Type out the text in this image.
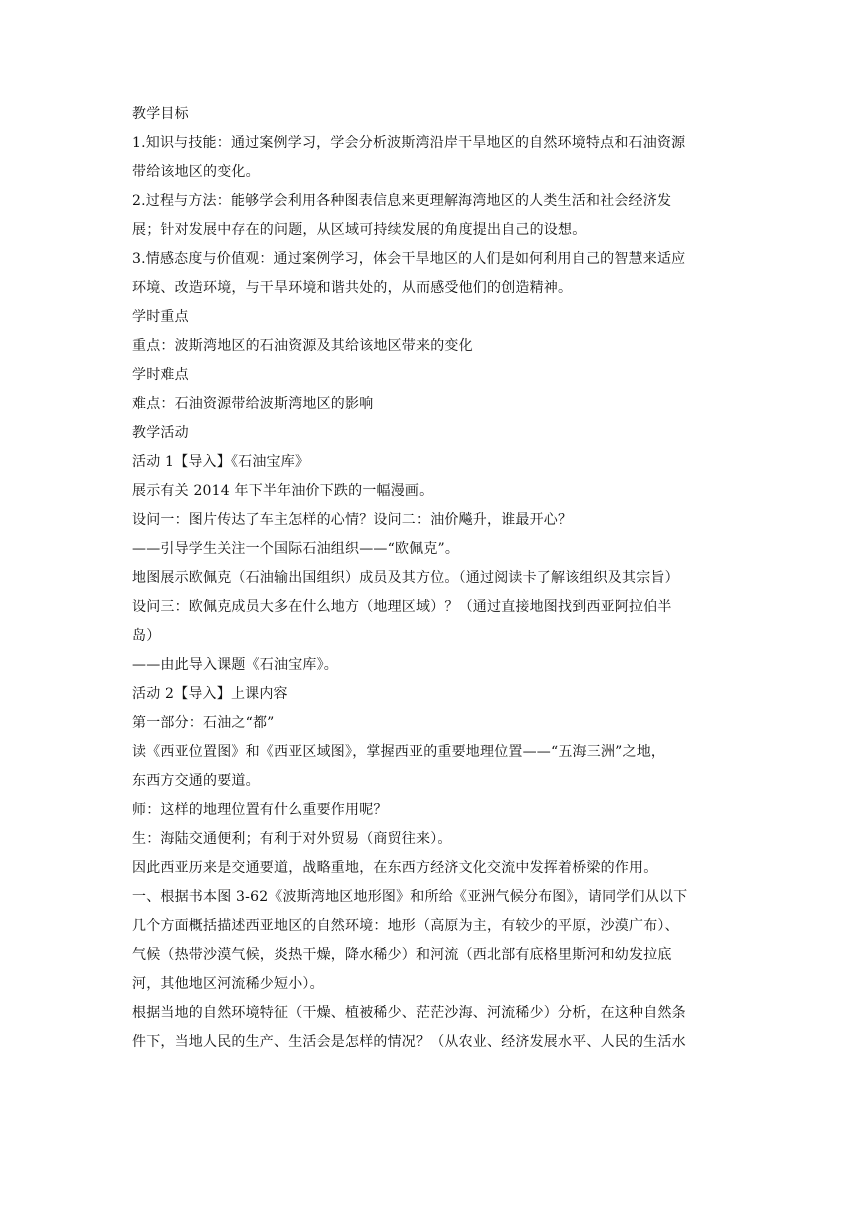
教学目标

1.知识与技能：通过案例学习，学会分析波斯湾沿岸干旱地区的自然环境特点和石油资源

带给该地区的变化。

2.过程与方法：能够学会利用各种图表信息来更理解海湾地区的人类生活和社会经济发

展；针对发展中存在的问题，从区域可持续发展的角度提出自己的设想。

3.情感态度与价值观：通过案例学习，体会干旱地区的人们是如何利用自己的智慧来适应

环境、改造环境，与干旱环境和谐共处的，从而感受他们的创造精神。

学时重点

重点：波斯湾地区的石油资源及其给该地区带来的变化

学时难点

难点：石油资源带给波斯湾地区的影响

教学活动

活动 1【导入】《石油宝库》

展示有关 2014 年下半年油价下跌的一幅漫画。

设问一：图片传达了车主怎样的心情？设问二：油价飚升，谁最开心？

——引导学生关注一个国际石油组织——“欧佩克”。

地图展示欧佩克（石油输出国组织）成员及其方位。（通过阅读卡了解该组织及其宗旨）

设问三：欧佩克成员大多在什么地方（地理区域）？（通过直接地图找到西亚阿拉伯半

岛）

——由此导入课题《石油宝库》。

活动 2【导入】上课内容

第一部分：石油之“都”

读《西亚位置图》和《西亚区域图》，掌握西亚的重要地理位置——“五海三洲”之地，

东西方交通的要道。

师：这样的地理位置有什么重要作用呢？

生：海陆交通便利；有利于对外贸易（商贸往来）。

因此西亚历来是交通要道，战略重地，在东西方经济文化交流中发挥着桥梁的作用。

一、根据书本图 3-62《波斯湾地区地形图》和所给《亚洲气候分布图》，请同学们从以下

几个方面概括描述西亚地区的自然环境：地形（高原为主，有较少的平原，沙漠广布）、

气候（热带沙漠气候，炎热干燥，降水稀少）和河流（西北部有底格里斯河和幼发拉底

河，其他地区河流稀少短小）。

根据当地的自然环境特征（干燥、植被稀少、茫茫沙海、河流稀少）分析，在这种自然条

件下，当地人民的生产、生活会是怎样的情况？（从农业、经济发展水平、人民的生活水
